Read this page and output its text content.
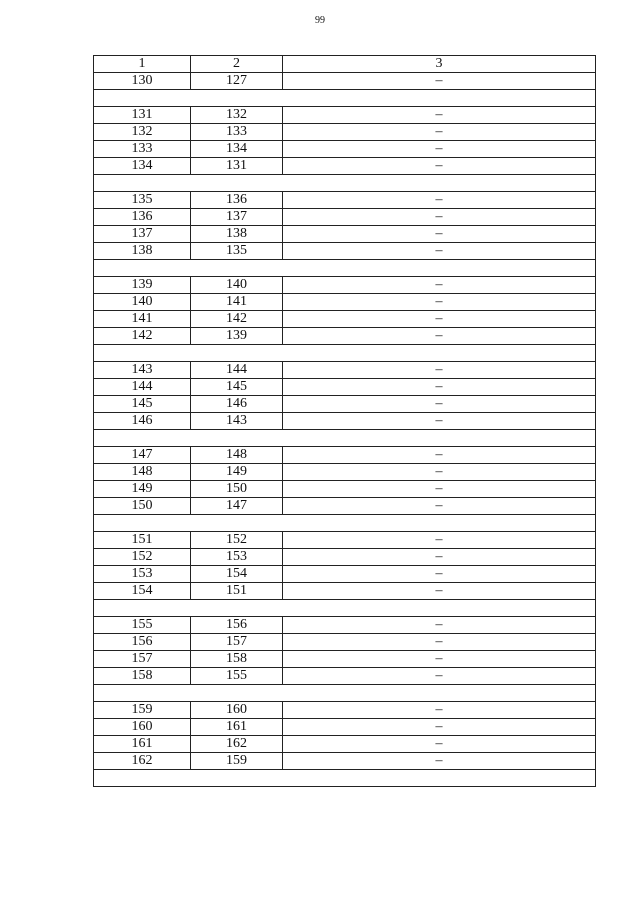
99
1	2	3
130	127	–

131	132	–
132	133	–
133	134	–
134	131	–

135	136	–
136	137	–
137	138	–
138	135	–

139	140	–
140	141	–
141	142	–
142	139	–

143	144	–
144	145	–
145	146	–
146	143	–

147	148	–
148	149	–
149	150	–
150	147	–

151	152	–
152	153	–
153	154	–
154	151	–

155	156	–
156	157	–
157	158	–
158	155	–

159	160	–
160	161	–
161	162	–
162	159	–
